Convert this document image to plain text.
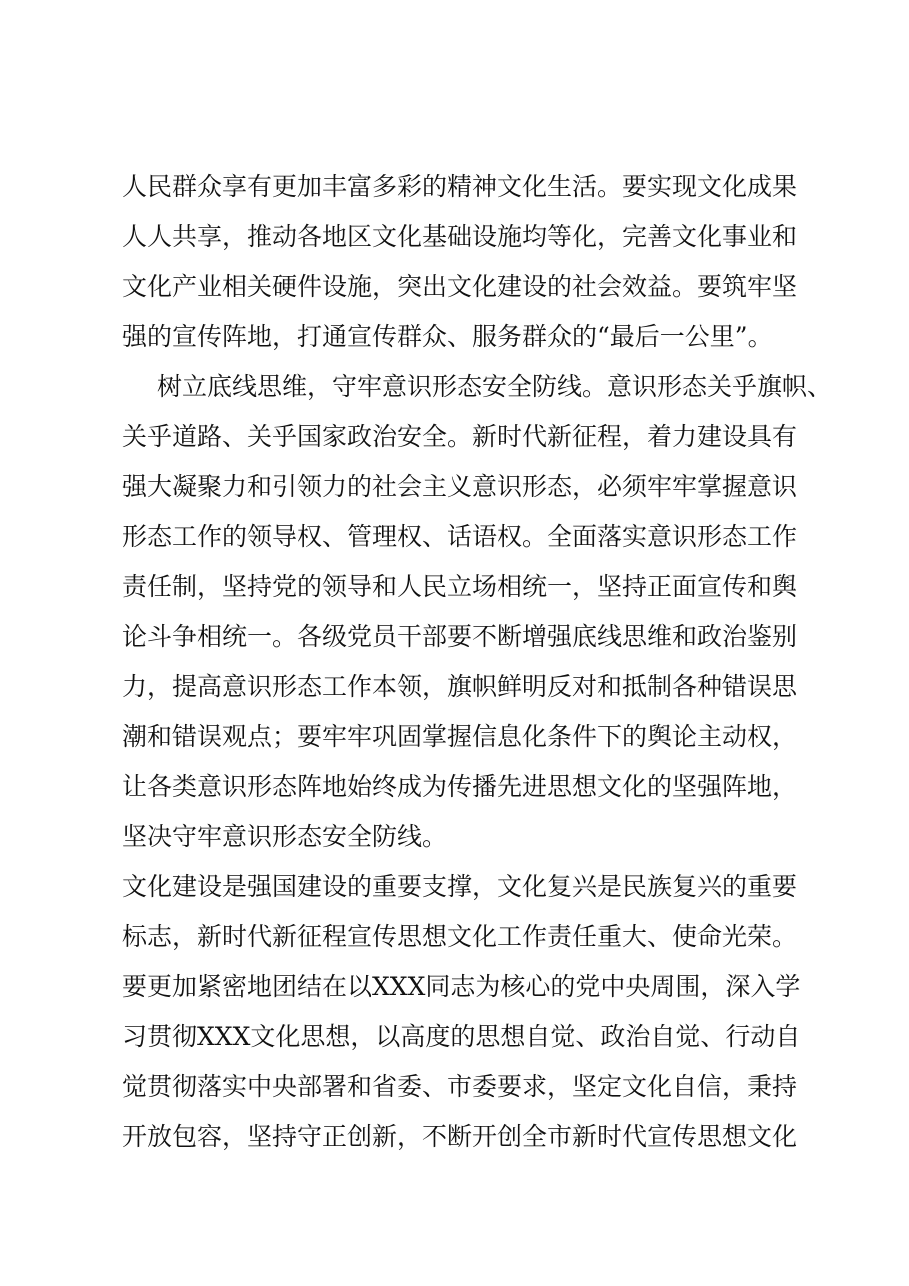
人民群众享有更加丰富多彩的精神文化生活。要实现文化成果

人人共享，推动各地区文化基础设施均等化，完善文化事业和

文化产业相关硬件设施，突出文化建设的社会效益。要筑牢坚

强的宣传阵地，打通宣传群众、服务群众的“最后一公里”。

树立底线思维，守牢意识形态安全防线。意识形态关乎旗帜、

关乎道路、关乎国家政治安全。新时代新征程，着力建设具有

强大凝聚力和引领力的社会主义意识形态，必须牢牢掌握意识

形态工作的领导权、管理权、话语权。全面落实意识形态工作

责任制，坚持党的领导和人民立场相统一，坚持正面宣传和舆

论斗争相统一。各级党员干部要不断增强底线思维和政治鉴别

力，提高意识形态工作本领，旗帜鲜明反对和抵制各种错误思

潮和错误观点；要牢牢巩固掌握信息化条件下的舆论主动权，

让各类意识形态阵地始终成为传播先进思想文化的坚强阵地，

坚决守牢意识形态安全防线。

文化建设是强国建设的重要支撑，文化复兴是民族复兴的重要

标志，新时代新征程宣传思想文化工作责任重大、使命光荣。

要更加紧密地团结在以XXX同志为核心的党中央周围，深入学

习贯彻XXX文化思想，以高度的思想自觉、政治自觉、行动自

觉贯彻落实中央部署和省委、市委要求，坚定文化自信，秉持

开放包容，坚持守正创新，不断开创全市新时代宣传思想文化
